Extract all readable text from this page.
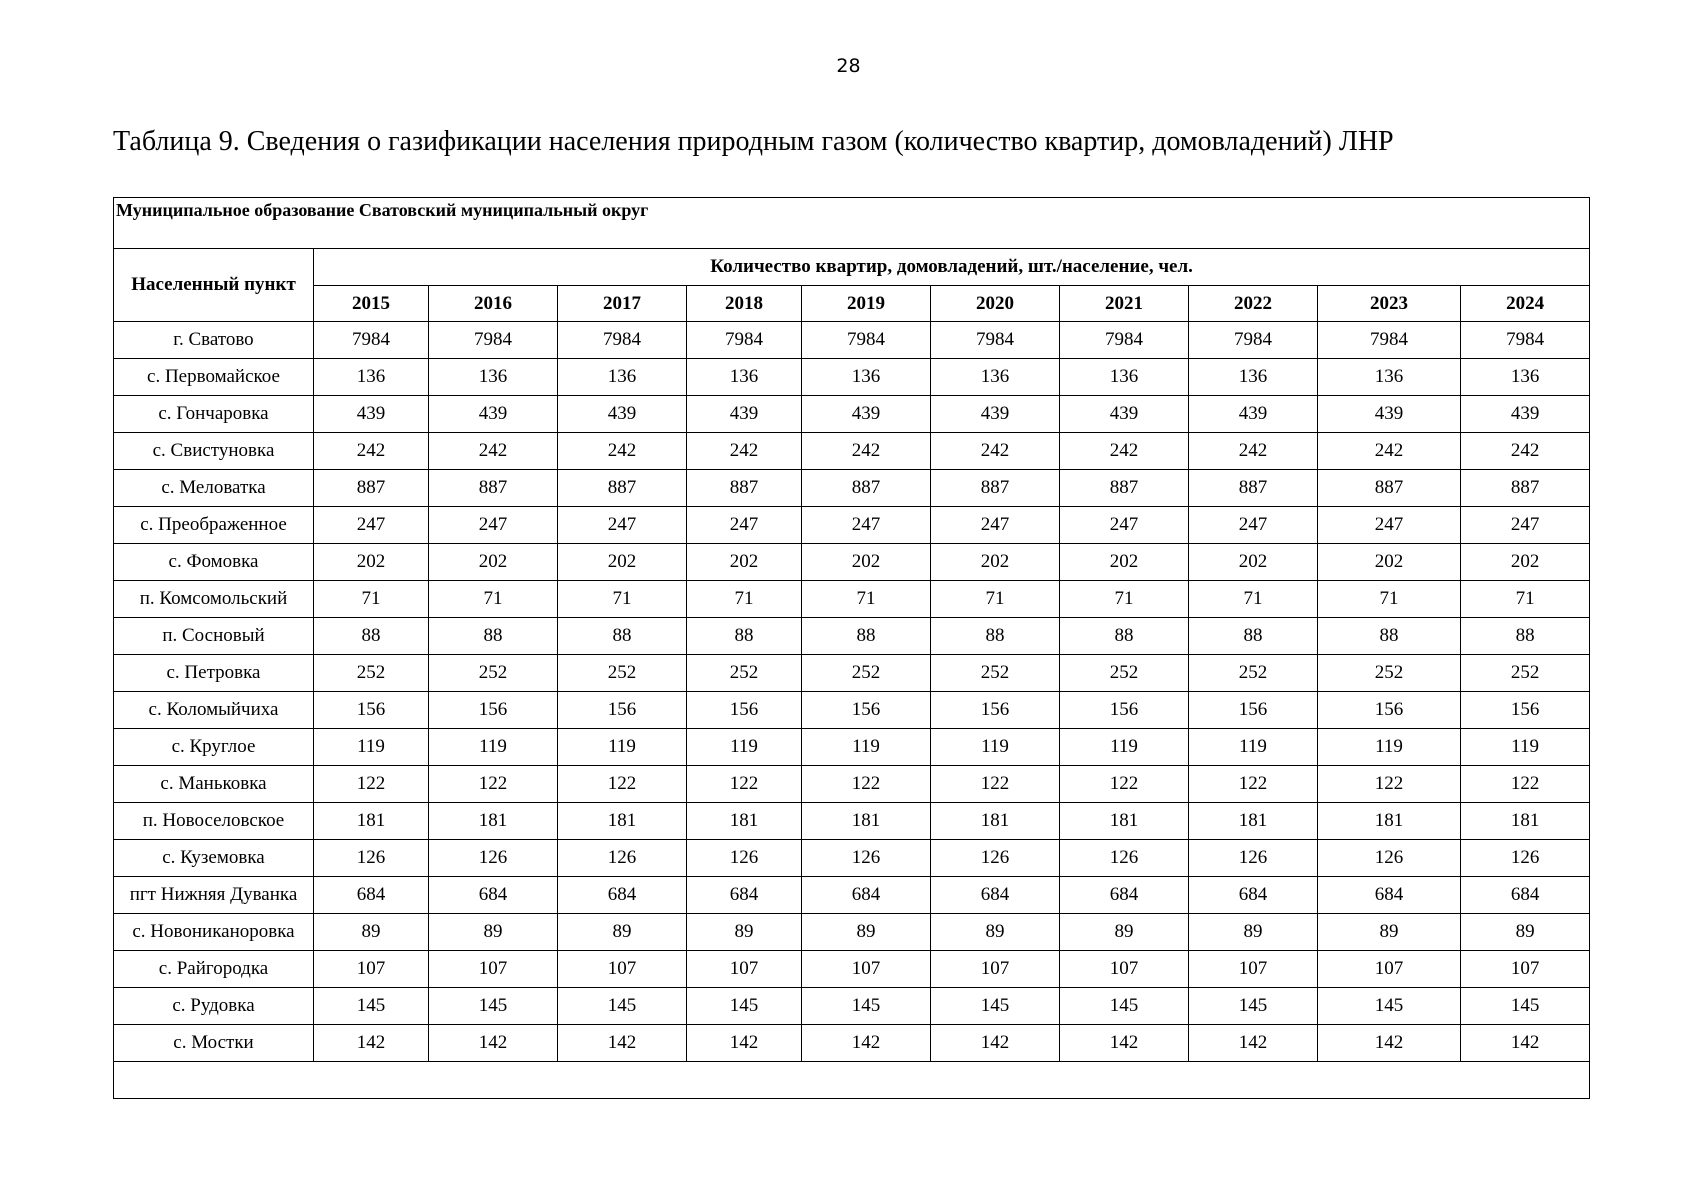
28
Таблица 9. Сведения о газификации населения природным газом (количество квартир, домовладений) ЛНР
Муниципальное образование Сватовский муниципальный округ										
Населенный пункт	Количество квартир, домовладений, шт./население, чел.									
	2015	2016	2017	2018	2019	2020	2021	2022	2023	2024
г. Сватово	7984	7984	7984	7984	7984	7984	7984	7984	7984	7984
с. Первомайское	136	136	136	136	136	136	136	136	136	136
с. Гончаровка	439	439	439	439	439	439	439	439	439	439
с. Свистуновка	242	242	242	242	242	242	242	242	242	242
с. Меловатка	887	887	887	887	887	887	887	887	887	887
с. Преображенное	247	247	247	247	247	247	247	247	247	247
с. Фомовка	202	202	202	202	202	202	202	202	202	202
п. Комсомольский	71	71	71	71	71	71	71	71	71	71
п. Сосновый	88	88	88	88	88	88	88	88	88	88
с. Петровка	252	252	252	252	252	252	252	252	252	252
с. Коломыйчиха	156	156	156	156	156	156	156	156	156	156
с. Круглое	119	119	119	119	119	119	119	119	119	119
с. Маньковка	122	122	122	122	122	122	122	122	122	122
п. Новоселовское	181	181	181	181	181	181	181	181	181	181
с. Куземовка	126	126	126	126	126	126	126	126	126	126
пгт Нижняя Дуванка	684	684	684	684	684	684	684	684	684	684
с. Новониканоровка	89	89	89	89	89	89	89	89	89	89
с. Райгородка	107	107	107	107	107	107	107	107	107	107
с. Рудовка	145	145	145	145	145	145	145	145	145	145
с. Мостки	142	142	142	142	142	142	142	142	142	142
